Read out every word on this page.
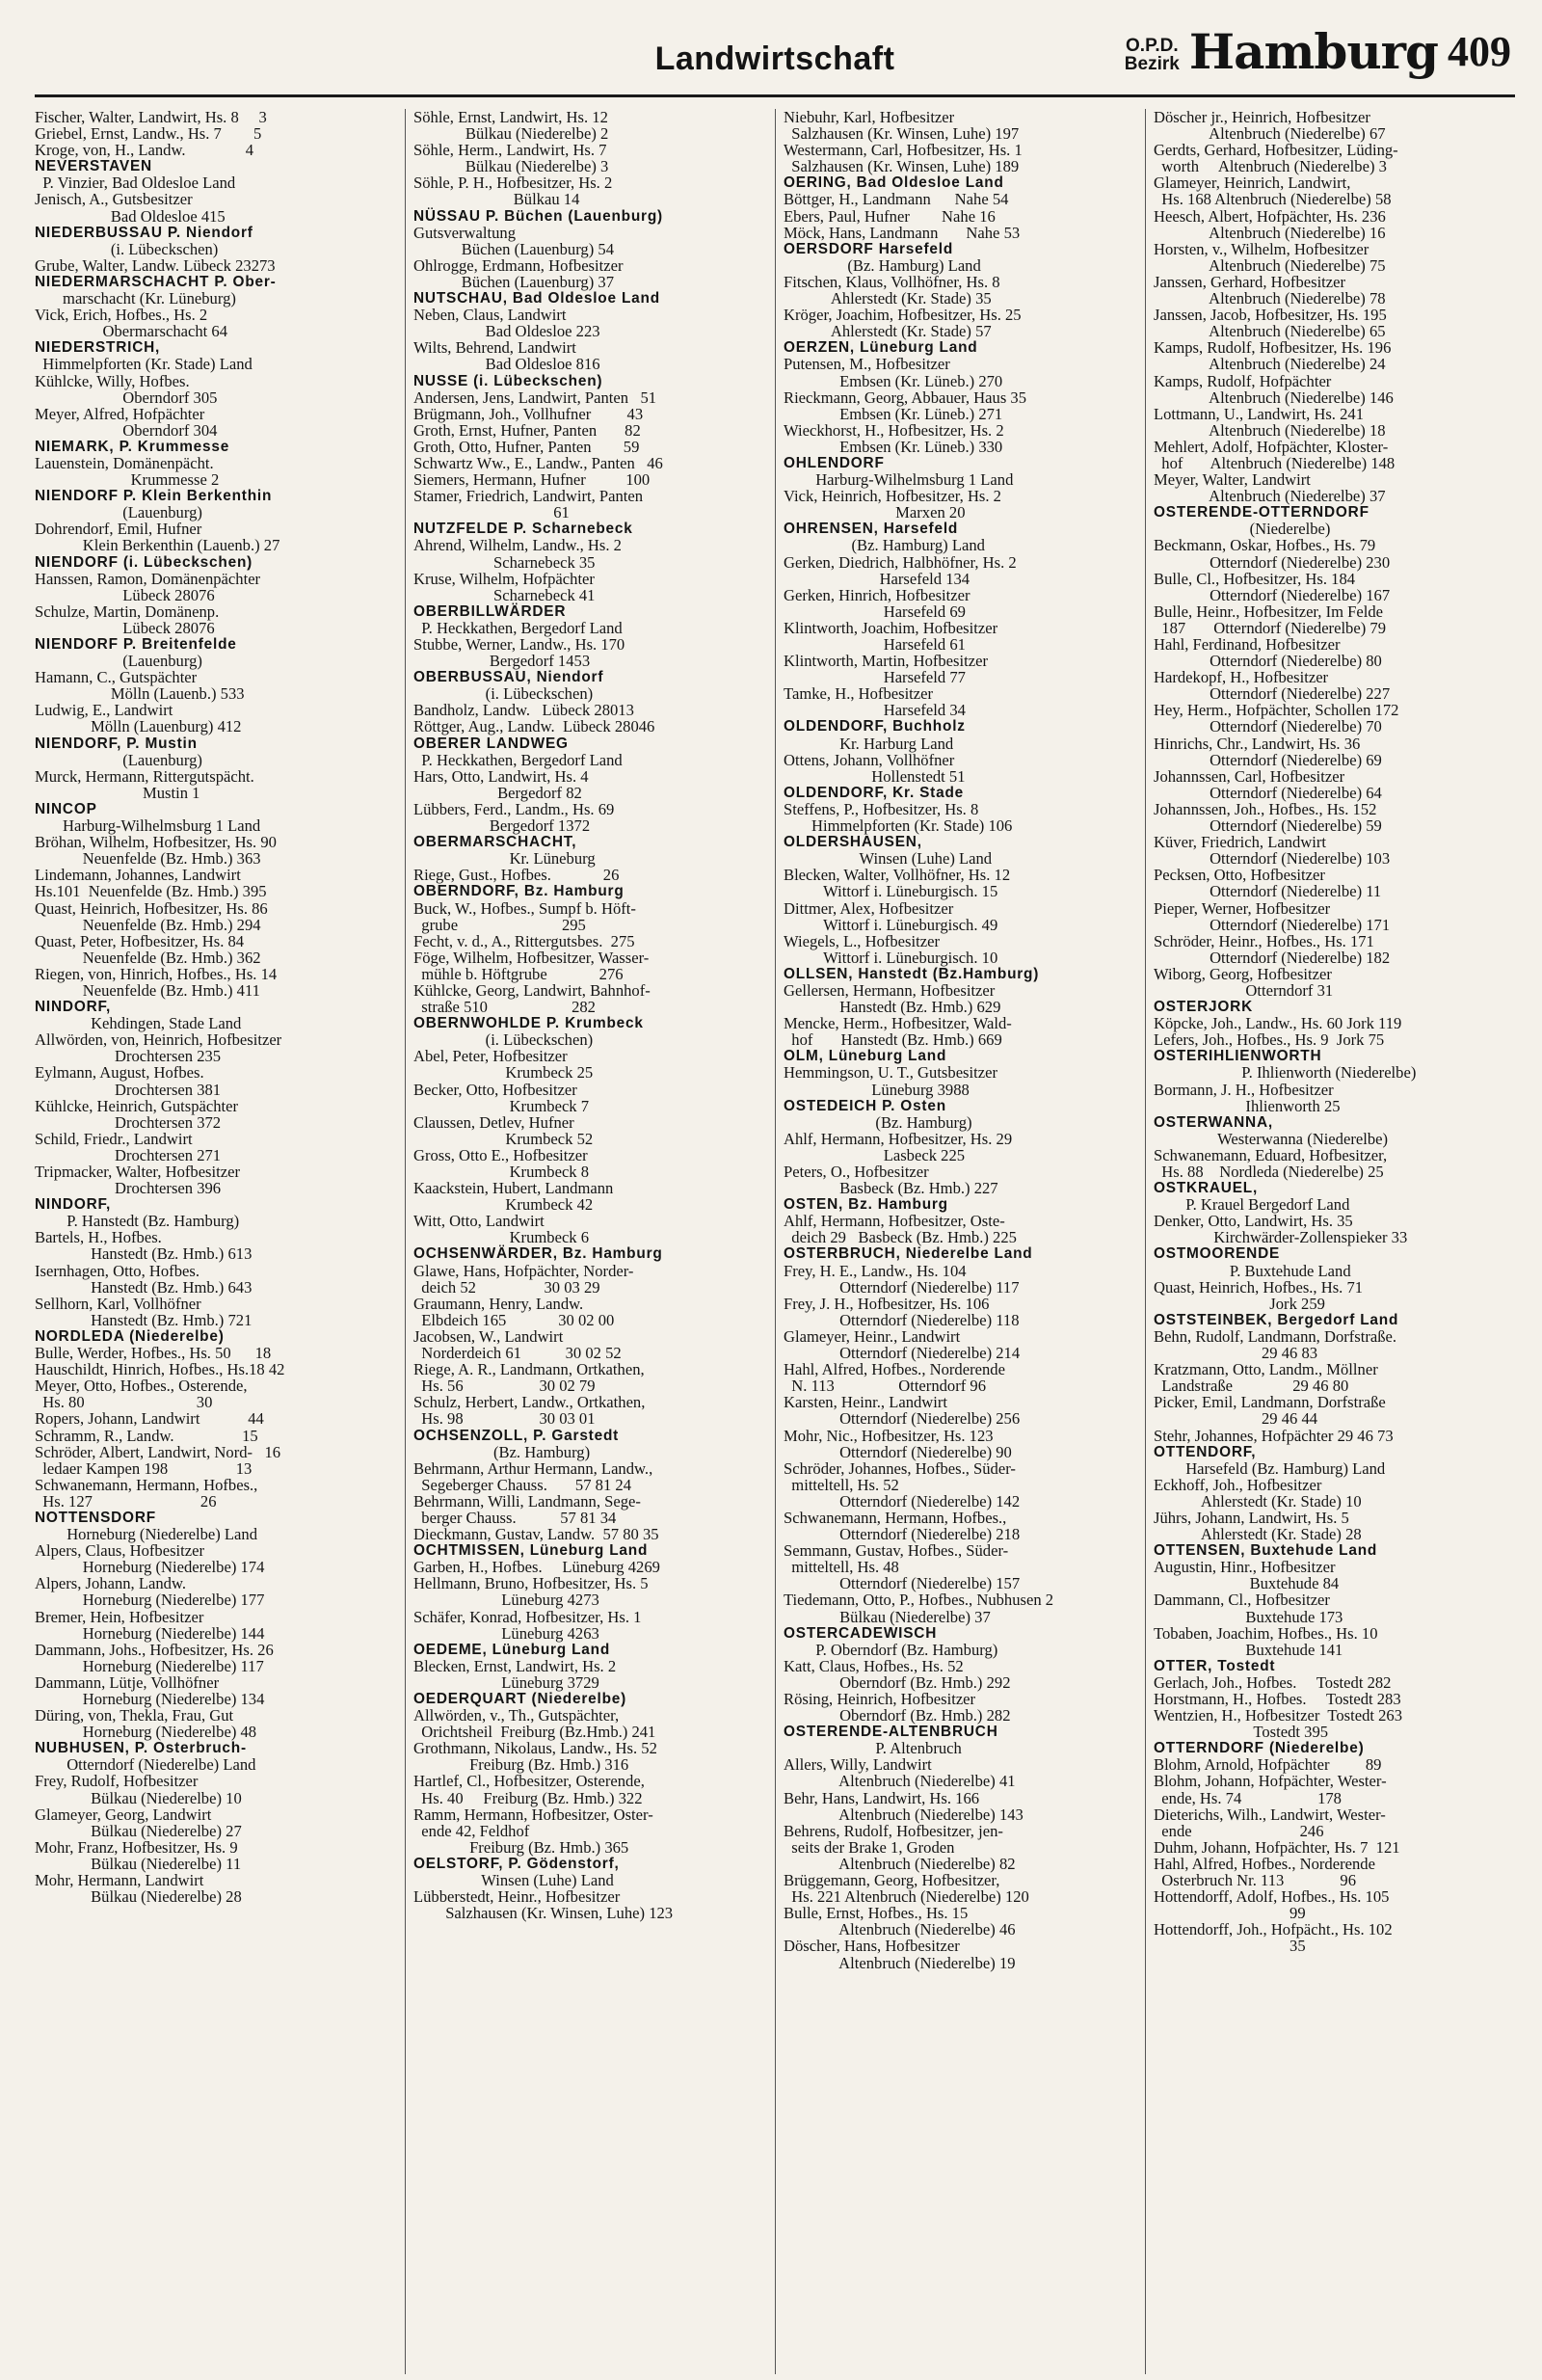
Landwirtschaft	O.P.D.
Bezirk Hamburg 409

Fischer, Walter, Landwirt, Hs. 8     3

Griebel, Ernst, Landw., Hs. 7        5

Kroge, von, H., Landw.               4

NEVERSTAVEN

P. Vinzier, Bad Oldesloe Land

Jenisch, A., Gutsbesitzer

Bad Oldesloe 415

NIEDERBUSSAU P. Niendorf

(i. Lübeckschen)

Grube, Walter, Landw. Lübeck 23273

NIEDERMARSCHACHT P. Ober-

marschacht (Kr. Lüneburg)

Vick, Erich, Hofbes., Hs. 2

Obermarschacht 64

NIEDERSTRICH,

Himmelpforten (Kr. Stade) Land

Kühlcke, Willy, Hofbes.

Oberndorf 305

Meyer, Alfred, Hofpächter

Oberndorf 304

NIEMARK, P. Krummesse

Lauenstein, Domänenpächt.

Krummesse 2

NIENDORF P. Klein Berkenthin

(Lauenburg)

Dohrendorf, Emil, Hufner

Klein Berkenthin (Lauenb.) 27

NIENDORF (i. Lübeckschen)

Hanssen, Ramon, Domänenpächter

Lübeck 28076

Schulze, Martin, Domänenp.

Lübeck 28076

NIENDORF P. Breitenfelde

(Lauenburg)

Hamann, C., Gutspächter

Mölln (Lauenb.) 533

Ludwig, E., Landwirt

Mölln (Lauenburg) 412

NIENDORF, P. Mustin

(Lauenburg)

Murck, Hermann, Rittergutspächt.

Mustin 1

NINCOP

Harburg-Wilhelmsburg 1 Land

Bröhan, Wilhelm, Hofbesitzer, Hs. 90

Neuenfelde (Bz. Hmb.) 363

Lindemann, Johannes, Landwirt

Hs.101  Neuenfelde (Bz. Hmb.) 395

Quast, Heinrich, Hofbesitzer, Hs. 86

Neuenfelde (Bz. Hmb.) 294

Quast, Peter, Hofbesitzer, Hs. 84

Neuenfelde (Bz. Hmb.) 362

Riegen, von, Hinrich, Hofbes., Hs. 14

Neuenfelde (Bz. Hmb.) 411

NINDORF,

Kehdingen, Stade Land

Allwörden, von, Heinrich, Hofbesitzer

Drochtersen 235

Eylmann, August, Hofbes.

Drochtersen 381

Kühlcke, Heinrich, Gutspächter

Drochtersen 372

Schild, Friedr., Landwirt

Drochtersen 271

Tripmacker, Walter, Hofbesitzer

Drochtersen 396

NINDORF,

P. Hanstedt (Bz. Hamburg)

Bartels, H., Hofbes.

Hanstedt (Bz. Hmb.) 613

Isernhagen, Otto, Hofbes.

Hanstedt (Bz. Hmb.) 643

Sellhorn, Karl, Vollhöfner

Hanstedt (Bz. Hmb.) 721

NORDLEDA (Niederelbe)

Bulle, Werder, Hofbes., Hs. 50      18

Hauschildt, Hinrich, Hofbes., Hs.18 42

Meyer, Otto, Hofbes., Osterende,

Hs. 80                            30

Ropers, Johann, Landwirt            44

Schramm, R., Landw.                 15

Schröder, Albert, Landwirt, Nord-   16

ledaer Kampen 198                 13

Schwanemann, Hermann, Hofbes.,

Hs. 127                           26

NOTTENSDORF

Horneburg (Niederelbe) Land

Alpers, Claus, Hofbesitzer

Horneburg (Niederelbe) 174

Alpers, Johann, Landw.

Horneburg (Niederelbe) 177

Bremer, Hein, Hofbesitzer

Horneburg (Niederelbe) 144

Dammann, Johs., Hofbesitzer, Hs. 26

Horneburg (Niederelbe) 117

Dammann, Lütje, Vollhöfner

Horneburg (Niederelbe) 134

Düring, von, Thekla, Frau, Gut

Horneburg (Niederelbe) 48

NUBHUSEN, P. Osterbruch-

Otterndorf (Niederelbe) Land

Frey, Rudolf, Hofbesitzer

Bülkau (Niederelbe) 10

Glameyer, Georg, Landwirt

Bülkau (Niederelbe) 27

Mohr, Franz, Hofbesitzer, Hs. 9

Bülkau (Niederelbe) 11

Mohr, Hermann, Landwirt

Bülkau (Niederelbe) 28

Söhle, Ernst, Landwirt, Hs. 12

Bülkau (Niederelbe) 2

Söhle, Herm., Landwirt, Hs. 7

Bülkau (Niederelbe) 3

Söhle, P. H., Hofbesitzer, Hs. 2

Bülkau 14

NÜSSAU P. Büchen (Lauenburg)

Gutsverwaltung

Büchen (Lauenburg) 54

Ohlrogge, Erdmann, Hofbesitzer

Büchen (Lauenburg) 37

NUTSCHAU, Bad Oldesloe Land

Neben, Claus, Landwirt

Bad Oldesloe 223

Wilts, Behrend, Landwirt

Bad Oldesloe 816

NUSSE (i. Lübeckschen)

Andersen, Jens, Landwirt, Panten   51

Brügmann, Joh., Vollhufner         43

Groth, Ernst, Hufner, Panten       82

Groth, Otto, Hufner, Panten        59

Schwartz Ww., E., Landw., Panten   46

Siemers, Hermann, Hufner          100

Stamer, Friedrich, Landwirt, Panten

61

NUTZFELDE P. Scharnebeck

Ahrend, Wilhelm, Landw., Hs. 2

Scharnebeck 35

Kruse, Wilhelm, Hofpächter

Scharnebeck 41

OBERBILLWÄRDER

P. Heckkathen, Bergedorf Land

Stubbe, Werner, Landw., Hs. 170

Bergedorf 1453

OBERBUSSAU, Niendorf

(i. Lübeckschen)

Bandholz, Landw.   Lübeck 28013

Röttger, Aug., Landw.  Lübeck 28046

OBERER LANDWEG

P. Heckkathen, Bergedorf Land

Hars, Otto, Landwirt, Hs. 4

Bergedorf 82

Lübbers, Ferd., Landm., Hs. 69

Bergedorf 1372

OBERMARSCHACHT,

Kr. Lüneburg

Riege, Gust., Hofbes.             26

OBERNDORF, Bz. Hamburg

Buck, W., Hofbes., Sumpf b. Höft-

grube                          295

Fecht, v. d., A., Rittergutsbes.  275

Föge, Wilhelm, Hofbesitzer, Wasser-

mühle b. Höftgrube             276

Kühlcke, Georg, Landwirt, Bahnhof-

straße 510                     282

OBERNWOHLDE P. Krumbeck

(i. Lübeckschen)

Abel, Peter, Hofbesitzer

Krumbeck 25

Becker, Otto, Hofbesitzer

Krumbeck 7

Claussen, Detlev, Hufner

Krumbeck 52

Gross, Otto E., Hofbesitzer

Krumbeck 8

Kaackstein, Hubert, Landmann

Krumbeck 42

Witt, Otto, Landwirt

Krumbeck 6

OCHSENWÄRDER, Bz. Hamburg

Glawe, Hans, Hofpächter, Norder-

deich 52                 30 03 29

Graumann, Henry, Landw.

Elbdeich 165             30 02 00

Jacobsen, W., Landwirt

Norderdeich 61           30 02 52

Riege, A. R., Landmann, Ortkathen,

Hs. 56                   30 02 79

Schulz, Herbert, Landw., Ortkathen,

Hs. 98                   30 03 01

OCHSENZOLL, P. Garstedt

(Bz. Hamburg)

Behrmann, Arthur Hermann, Landw.,

Segeberger Chauss.       57 81 24

Behrmann, Willi, Landmann, Sege-

berger Chauss.           57 81 34

Dieckmann, Gustav, Landw.  57 80 35

OCHTMISSEN, Lüneburg Land

Garben, H., Hofbes.     Lüneburg 4269

Hellmann, Bruno, Hofbesitzer, Hs. 5

Lüneburg 4273

Schäfer, Konrad, Hofbesitzer, Hs. 1

Lüneburg 4263

OEDEME, Lüneburg Land

Blecken, Ernst, Landwirt, Hs. 2

Lüneburg 3729

OEDERQUART (Niederelbe)

Allwörden, v., Th., Gutspächter,

Orichtsheil  Freiburg (Bz.Hmb.) 241

Grothmann, Nikolaus, Landw., Hs. 52

Freiburg (Bz. Hmb.) 316

Hartlef, Cl., Hofbesitzer, Osterende,

Hs. 40     Freiburg (Bz. Hmb.) 322

Ramm, Hermann, Hofbesitzer, Oster-

ende 42, Feldhof

Freiburg (Bz. Hmb.) 365

OELSTORF, P. Gödenstorf,

Winsen (Luhe) Land

Lübberstedt, Heinr., Hofbesitzer

Salzhausen (Kr. Winsen, Luhe) 123

Niebuhr, Karl, Hofbesitzer

Salzhausen (Kr. Winsen, Luhe) 197

Westermann, Carl, Hofbesitzer, Hs. 1

Salzhausen (Kr. Winsen, Luhe) 189

OERING, Bad Oldesloe Land

Böttger, H., Landmann      Nahe 54

Ebers, Paul, Hufner        Nahe 16

Möck, Hans, Landmann       Nahe 53

OERSDORF Harsefeld

(Bz. Hamburg) Land

Fitschen, Klaus, Vollhöfner, Hs. 8

Ahlerstedt (Kr. Stade) 35

Kröger, Joachim, Hofbesitzer, Hs. 25

Ahlerstedt (Kr. Stade) 57

OERZEN, Lüneburg Land

Putensen, M., Hofbesitzer

Embsen (Kr. Lüneb.) 270

Rieckmann, Georg, Abbauer, Haus 35

Embsen (Kr. Lüneb.) 271

Wieckhorst, H., Hofbesitzer, Hs. 2

Embsen (Kr. Lüneb.) 330

OHLENDORF

Harburg-Wilhelmsburg 1 Land

Vick, Heinrich, Hofbesitzer, Hs. 2

Marxen 20

OHRENSEN, Harsefeld

(Bz. Hamburg) Land

Gerken, Diedrich, Halbhöfner, Hs. 2

Harsefeld 134

Gerken, Hinrich, Hofbesitzer

Harsefeld 69

Klintworth, Joachim, Hofbesitzer

Harsefeld 61

Klintworth, Martin, Hofbesitzer

Harsefeld 77

Tamke, H., Hofbesitzer

Harsefeld 34

OLDENDORF, Buchholz

Kr. Harburg Land

Ottens, Johann, Vollhöfner

Hollenstedt 51

OLDENDORF, Kr. Stade

Steffens, P., Hofbesitzer, Hs. 8

Himmelpforten (Kr. Stade) 106

OLDERSHAUSEN,

Winsen (Luhe) Land

Blecken, Walter, Vollhöfner, Hs. 12

Wittorf i. Lüneburgisch. 15

Dittmer, Alex, Hofbesitzer

Wittorf i. Lüneburgisch. 49

Wiegels, L., Hofbesitzer

Wittorf i. Lüneburgisch. 10

OLLSEN, Hanstedt (Bz.Hamburg)

Gellersen, Hermann, Hofbesitzer

Hanstedt (Bz. Hmb.) 629

Mencke, Herm., Hofbesitzer, Wald-

hof       Hanstedt (Bz. Hmb.) 669

OLM, Lüneburg Land

Hemmingson, U. T., Gutsbesitzer

Lüneburg 3988

OSTEDEICH P. Osten

(Bz. Hamburg)

Ahlf, Hermann, Hofbesitzer, Hs. 29

Lasbeck 225

Peters, O., Hofbesitzer

Basbeck (Bz. Hmb.) 227

OSTEN, Bz. Hamburg

Ahlf, Hermann, Hofbesitzer, Oste-

deich 29   Basbeck (Bz. Hmb.) 225

OSTERBRUCH, Niederelbe Land

Frey, H. E., Landw., Hs. 104

Otterndorf (Niederelbe) 117

Frey, J. H., Hofbesitzer, Hs. 106

Otterndorf (Niederelbe) 118

Glameyer, Heinr., Landwirt

Otterndorf (Niederelbe) 214

Hahl, Alfred, Hofbes., Norderende

N. 113                Otterndorf 96

Karsten, Heinr., Landwirt

Otterndorf (Niederelbe) 256

Mohr, Nic., Hofbesitzer, Hs. 123

Otterndorf (Niederelbe) 90

Schröder, Johannes, Hofbes., Süder-

mitteltell, Hs. 52

Otterndorf (Niederelbe) 142

Schwanemann, Hermann, Hofbes.,

Otterndorf (Niederelbe) 218

Semmann, Gustav, Hofbes., Süder-

mitteltell, Hs. 48

Otterndorf (Niederelbe) 157

Tiedemann, Otto, P., Hofbes., Nubhusen 2

Bülkau (Niederelbe) 37

OSTERCADEWISCH

P. Oberndorf (Bz. Hamburg)

Katt, Claus, Hofbes., Hs. 52

Oberndorf (Bz. Hmb.) 292

Rösing, Heinrich, Hofbesitzer

Oberndorf (Bz. Hmb.) 282

OSTERENDE-ALTENBRUCH

P. Altenbruch

Allers, Willy, Landwirt

Altenbruch (Niederelbe) 41

Behr, Hans, Landwirt, Hs. 166

Altenbruch (Niederelbe) 143

Behrens, Rudolf, Hofbesitzer, jen-

seits der Brake 1, Groden

Altenbruch (Niederelbe) 82

Brüggemann, Georg, Hofbesitzer,

Hs. 221 Altenbruch (Niederelbe) 120

Bulle, Ernst, Hofbes., Hs. 15

Altenbruch (Niederelbe) 46

Döscher, Hans, Hofbesitzer

Altenbruch (Niederelbe) 19

Döscher jr., Heinrich, Hofbesitzer

Altenbruch (Niederelbe) 67

Gerdts, Gerhard, Hofbesitzer, Lüding-

worth     Altenbruch (Niederelbe) 3

Glameyer, Heinrich, Landwirt,

Hs. 168 Altenbruch (Niederelbe) 58

Heesch, Albert, Hofpächter, Hs. 236

Altenbruch (Niederelbe) 16

Horsten, v., Wilhelm, Hofbesitzer

Altenbruch (Niederelbe) 75

Janssen, Gerhard, Hofbesitzer

Altenbruch (Niederelbe) 78

Janssen, Jacob, Hofbesitzer, Hs. 195

Altenbruch (Niederelbe) 65

Kamps, Rudolf, Hofbesitzer, Hs. 196

Altenbruch (Niederelbe) 24

Kamps, Rudolf, Hofpächter

Altenbruch (Niederelbe) 146

Lottmann, U., Landwirt, Hs. 241

Altenbruch (Niederelbe) 18

Mehlert, Adolf, Hofpächter, Kloster-

hof       Altenbruch (Niederelbe) 148

Meyer, Walter, Landwirt

Altenbruch (Niederelbe) 37

OSTERENDE-OTTERNDORF

(Niederelbe)

Beckmann, Oskar, Hofbes., Hs. 79

Otterndorf (Niederelbe) 230

Bulle, Cl., Hofbesitzer, Hs. 184

Otterndorf (Niederelbe) 167

Bulle, Heinr., Hofbesitzer, Im Felde

187       Otterndorf (Niederelbe) 79

Hahl, Ferdinand, Hofbesitzer

Otterndorf (Niederelbe) 80

Hardekopf, H., Hofbesitzer

Otterndorf (Niederelbe) 227

Hey, Herm., Hofpächter, Schollen 172

Otterndorf (Niederelbe) 70

Hinrichs, Chr., Landwirt, Hs. 36

Otterndorf (Niederelbe) 69

Johannssen, Carl, Hofbesitzer

Otterndorf (Niederelbe) 64

Johannssen, Joh., Hofbes., Hs. 152

Otterndorf (Niederelbe) 59

Küver, Friedrich, Landwirt

Otterndorf (Niederelbe) 103

Pecksen, Otto, Hofbesitzer

Otterndorf (Niederelbe) 11

Pieper, Werner, Hofbesitzer

Otterndorf (Niederelbe) 171

Schröder, Heinr., Hofbes., Hs. 171

Otterndorf (Niederelbe) 182

Wiborg, Georg, Hofbesitzer

Otterndorf 31

OSTERJORK

Köpcke, Joh., Landw., Hs. 60 Jork 119

Lefers, Joh., Hofbes., Hs. 9  Jork 75

OSTERIHLIENWORTH

P. Ihlienworth (Niederelbe)

Bormann, J. H., Hofbesitzer

Ihlienworth 25

OSTERWANNA,

Westerwanna (Niederelbe)

Schwanemann, Eduard, Hofbesitzer,

Hs. 88    Nordleda (Niederelbe) 25

OSTKRAUEL,

P. Krauel Bergedorf Land

Denker, Otto, Landwirt, Hs. 35

Kirchwärder-Zollenspieker 33

OSTMOORENDE

P. Buxtehude Land

Quast, Heinrich, Hofbes., Hs. 71

Jork 259

OSTSTEINBEK, Bergedorf Land

Behn, Rudolf, Landmann, Dorfstraße.

29 46 83

Kratzmann, Otto, Landm., Möllner

Landstraße               29 46 80

Picker, Emil, Landmann, Dorfstraße

29 46 44

Stehr, Johannes, Hofpächter 29 46 73

OTTENDORF,

Harsefeld (Bz. Hamburg) Land

Eckhoff, Joh., Hofbesitzer

Ahlerstedt (Kr. Stade) 10

Jührs, Johann, Landwirt, Hs. 5

Ahlerstedt (Kr. Stade) 28

OTTENSEN, Buxtehude Land

Augustin, Hinr., Hofbesitzer

Buxtehude 84

Dammann, Cl., Hofbesitzer

Buxtehude 173

Tobaben, Joachim, Hofbes., Hs. 10

Buxtehude 141

OTTER, Tostedt

Gerlach, Joh., Hofbes.     Tostedt 282

Horstmann, H., Hofbes.     Tostedt 283

Wentzien, H., Hofbesitzer  Tostedt 263

Tostedt 395

OTTERNDORF (Niederelbe)

Blohm, Arnold, Hofpächter         89

Blohm, Johann, Hofpächter, Wester-

ende, Hs. 74                   178

Dieterichs, Wilh., Landwirt, Wester-

ende                           246

Duhm, Johann, Hofpächter, Hs. 7  121

Hahl, Alfred, Hofbes., Norderende

Osterbruch Nr. 113              96

Hottendorff, Adolf, Hofbes., Hs. 105

99

Hottendorff, Joh., Hofpächt., Hs. 102

35
